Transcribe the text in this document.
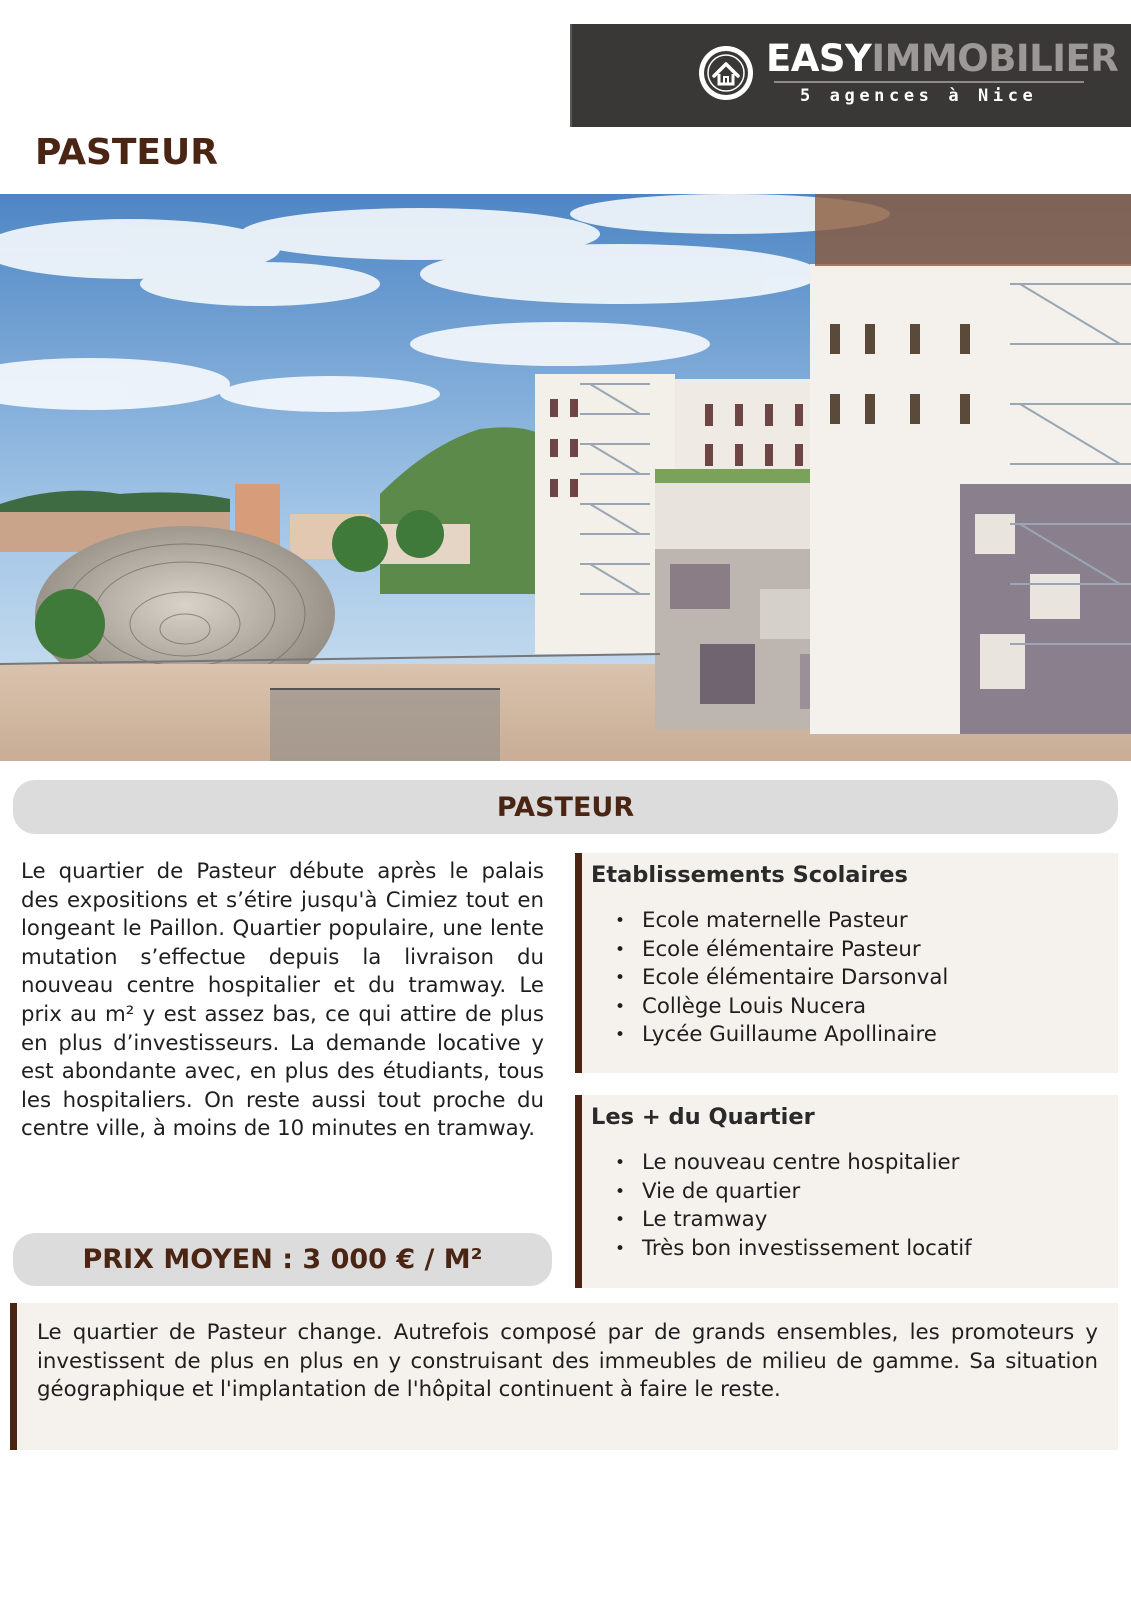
EASYIMMOBILIER
5 agences à Nice
PASTEUR
PASTEUR

Le quartier de Pasteur débute après le palais des expositions et s’étire jusqu'à Cimiez tout en longeant le Paillon. Quartier populaire, une lente mutation s’effectue depuis la livraison du nouveau centre hospitalier et du tramway. Le prix au m² y est assez bas, ce qui attire de plus en plus d’investisseurs. La demande locative y est abondante avec, en plus des étudiants, tous les hospitaliers. On reste aussi tout proche du centre ville, à moins de 10 minutes en tramway.

PRIX MOYEN : 3 000 € / M²
Etablissements Scolaires
• Ecole maternelle Pasteur
• Ecole élémentaire Pasteur
• Ecole élémentaire Darsonval
• Collège Louis Nucera
• Lycée Guillaume Apollinaire
Les + du Quartier
• Le nouveau centre hospitalier
• Vie de quartier
• Le tramway
• Très bon investissement locatif

Le quartier de Pasteur change. Autrefois composé par de grands ensembles, les promoteurs y investissent de plus en plus en y construisant des immeubles de milieu de gamme. Sa situation géographique et l'implantation de l'hôpital continuent à faire le reste.
